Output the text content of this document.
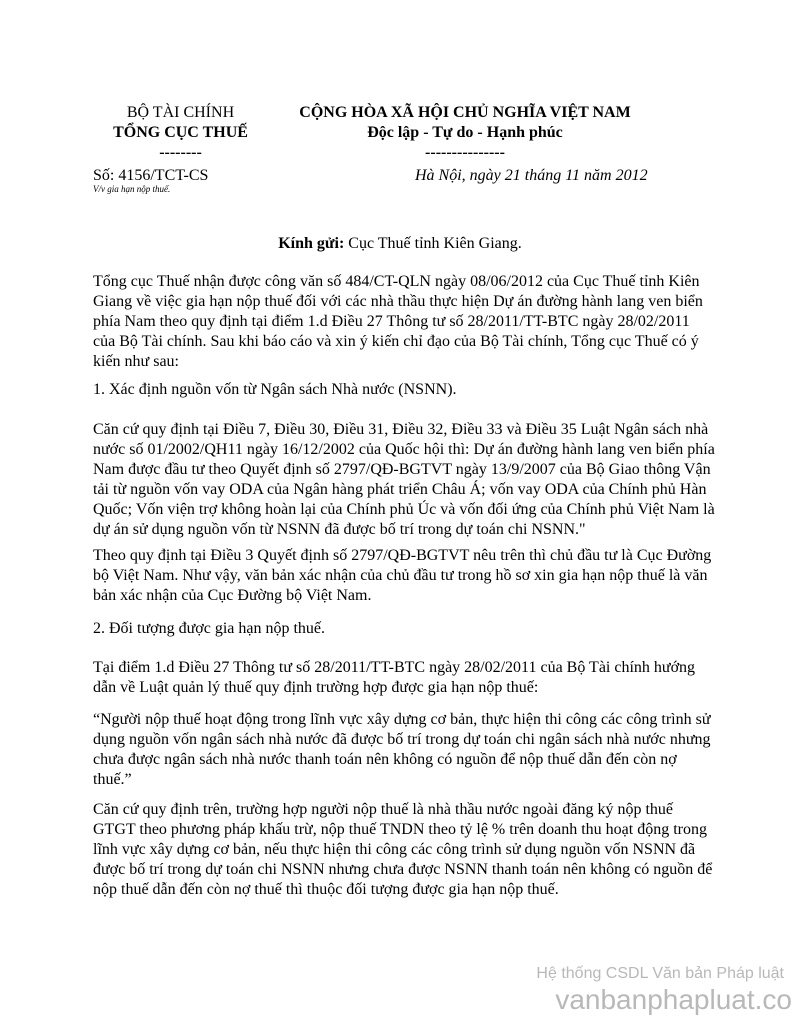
BỘ TÀI CHÍNH
TỔNG CỤC THUẾ
--------
CỘNG HÒA XÃ HỘI CHỦ NGHĨA VIỆT NAM
Độc lập - Tự do - Hạnh phúc
---------------
Số: 4156/TCT-CS
V/v gia hạn nộp thuế.
Hà Nội, ngày 21 tháng 11 năm 2012
Kính gửi: Cục Thuế tỉnh Kiên Giang.
Tổng cục Thuế nhận được công văn số 484/CT-QLN ngày 08/06/2012 của Cục Thuế tỉnh Kiên
Giang về việc gia hạn nộp thuế đối với các nhà thầu thực hiện Dự án đường hành lang ven biển
phía Nam theo quy định tại điểm 1.d Điều 27 Thông tư số 28/2011/TT-BTC ngày 28/02/2011
của Bộ Tài chính. Sau khi báo cáo và xin ý kiến chỉ đạo của Bộ Tài chính, Tổng cục Thuế có ý
kiến như sau:
1. Xác định nguồn vốn từ Ngân sách Nhà nước (NSNN).
Căn cứ quy định tại Điều 7, Điều 30, Điều 31, Điều 32, Điều 33 và Điều 35 Luật Ngân sách nhà
nước số 01/2002/QH11 ngày 16/12/2002 của Quốc hội thì: Dự án đường hành lang ven biển phía
Nam được đầu tư theo Quyết định số 2797/QĐ-BGTVT ngày 13/9/2007 của Bộ Giao thông Vận
tải từ nguồn vốn vay ODA của Ngân hàng phát triển Châu Á; vốn vay ODA của Chính phủ Hàn
Quốc; Vốn viện trợ không hoàn lại của Chính phủ Úc và vốn đối ứng của Chính phủ Việt Nam là
dự án sử dụng nguồn vốn từ NSNN đã được bố trí trong dự toán chi NSNN."
Theo quy định tại Điều 3 Quyết định số 2797/QĐ-BGTVT nêu trên thì chủ đầu tư là Cục Đường
bộ Việt Nam. Như vậy, văn bản xác nhận của chủ đầu tư trong hồ sơ xin gia hạn nộp thuế là văn
bản xác nhận của Cục Đường bộ Việt Nam.
2. Đối tượng được gia hạn nộp thuế.
Tại điểm 1.d Điều 27 Thông tư số 28/2011/TT-BTC ngày 28/02/2011 của Bộ Tài chính hướng
dẫn về Luật quản lý thuế quy định trường hợp được gia hạn nộp thuế:
“Người nộp thuế hoạt động trong lĩnh vực xây dựng cơ bản, thực hiện thi công các công trình sử
dụng nguồn vốn ngân sách nhà nước đã được bố trí trong dự toán chi ngân sách nhà nước nhưng
chưa được ngân sách nhà nước thanh toán nên không có nguồn để nộp thuế dẫn đến còn nợ
thuế.”
Căn cứ quy định trên, trường hợp người nộp thuế là nhà thầu nước ngoài đăng ký nộp thuế
GTGT theo phương pháp khấu trừ, nộp thuế TNDN theo tỷ lệ % trên doanh thu hoạt động trong
lĩnh vực xây dựng cơ bản, nếu thực hiện thi công các công trình sử dụng nguồn vốn NSNN đã
được bố trí trong dự toán chi NSNN nhưng chưa được NSNN thanh toán nên không có nguồn để
nộp thuế dẫn đến còn nợ thuế thì thuộc đối tượng được gia hạn nộp thuế.
Hệ thống CSDL Văn bản Pháp luật
vanbanphapluat.co
